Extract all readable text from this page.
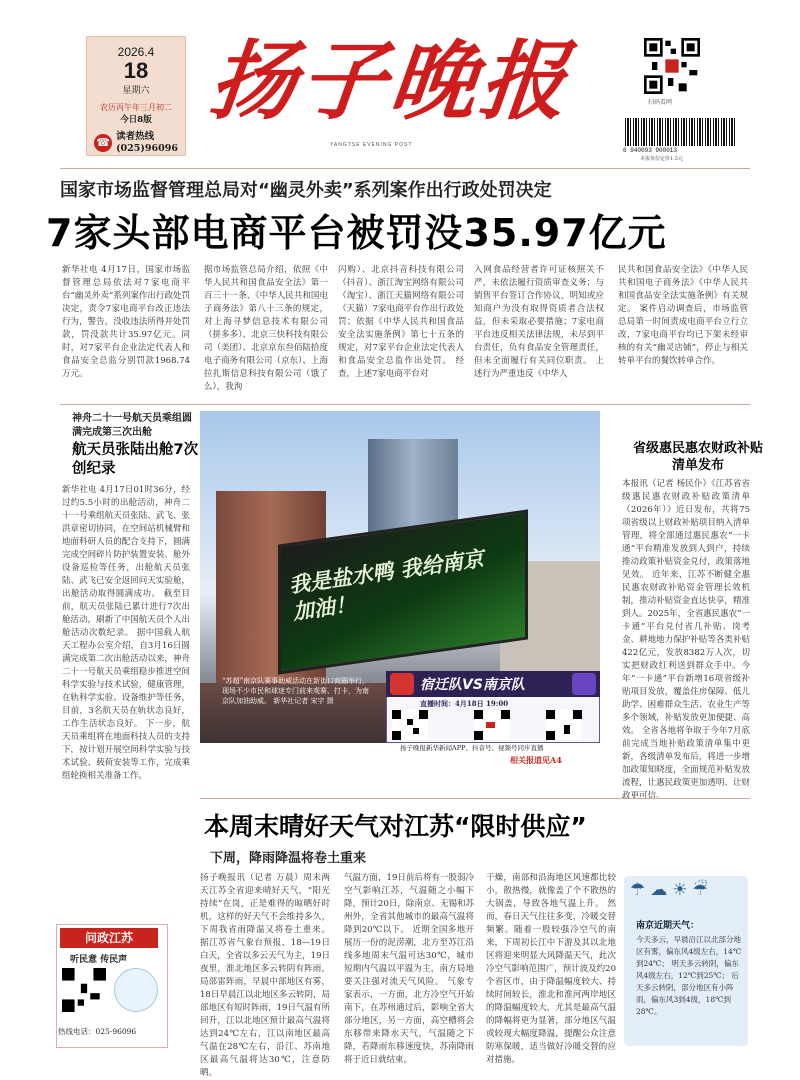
2026.4
18
星期六
农历丙午年三月初二
今日8版
☎ 读者热线
(025)96096
扬子晚报
YANGTSE EVENING POST
扫码看网
6 940093 900013
本报每份定价1.5元
国家市场监督管理总局对“幽灵外卖”系列案作出行政处罚决定
7家头部电商平台被罚没35.97亿元
新华社电 4月17日，国家市场监督管理总局依法对7家电商平台“幽灵外卖”系列案作出行政处罚决定，责令7家电商平台改正违法行为，警告，没收违法所得并处罚款，罚没款共计35.97亿元。同时，对7家平台企业法定代表人和食品安全总监分别罚款1968.74万元。
据市场监管总局介绍，依照《中华人民共和国食品安全法》第一百三十一条、《中华人民共和国电子商务法》第八十三条的规定，对上海寻梦信息技术有限公司（拼多多）、北京三快科技有限公司（美团）、北京京东叁佰陆拾度电子商务有限公司（京东）、上海拉扎斯信息科技有限公司（饿了么），我洵
闪购）、北京抖音科技有限公司（抖音）、浙江淘宝网络有限公司（淘宝）、浙江天猫网络有限公司（天猫）7家电商平台作出行政处罚；依据《中华人民共和国食品安全法实施条例》第七十五条的规定，对7家平台企业法定代表人和食品安全总监作出处罚。 经查，上述7家电商平台对
入网食品经营者许可证核照关不严，未依法履行资质审查义务；与销售平台签订合作协议，明知或应知商户为没有取得资质者合法权益，但未采取必要措施；7家电商平台违反相关法律法规，未尽到平台责任，负有食品安全管理责任，但未全面履行有关同位职责。 上述行为严重违反《中华人
民共和国食品安全法》《中华人民共和国电子商务法》《中华人民共和国食品安全法实施条例》有关规定。 案件启动调查后，市场监管总局第一时间责成电商平台立行立改，7家电商平台均已下架未经审核的有关“幽灵店铺”，停止与相关转单平台的餐饮转单合作。
神舟二十一号航天员乘组圆满完成第三次出舱
航天员张陆出舱7次创纪录
新华社电 4月17日01时36分，经过约5.5小时的出舱活动，神舟二十一号乘组航天员张陆、武飞、张洪章密切协同，在空间站机械臂和地面科研人员的配合支持下，圆满完成空间碎片防护装置安装、舱外设备巡检等任务，出舱航天员张陆、武飞已安全返回问天实验舱，出舱活动取得圆满成功。 截至目前，航天员张陆已累计进行7次出舱活动，刷新了中国航天员个人出舱活动次数纪录。 据中国载人航天工程办公室介绍，自3月16日圆满完成第二次出舱活动以来，神舟二十一号航天员乘组稳步推进空间科学实验与技术试验，健康管理，在轨科学实验、设备维护等任务，目前，3名航天员在轨状态良好，工作生活状态良好。 下一步，航天员乘组将在地面科技人员的支持下，按计划开展空间科学实验与技术试验、载荷安装等工作，完成乘组轮换相关准备工作。
我是盐水鸭 我给南京加油！
“苏超”南京队赛事助威活动在新街口商圈举行，现场不少市民和球迷专门前来观赛、打卡，为南京队加油助威。 新华社记者 宋宇 摄
宿迁队VS南京队
直播时间：4月18日 19:00
扬子晚报新华新闻APP、抖音号、视频号同步直播
相关报道见A4
省级惠民惠农财政补贴清单发布
本报讯（记者 杨民仆）《江苏省省级惠民惠农财政补贴政策清单（2026年）》近日发布，共将75项省级以上财政补贴项目纳入清单管理，将全部通过惠民惠农“一卡通”平台精准发放到人到户，持续推动政策补贴资金兑付，政策落地见效。 近年来，江苏不断健全惠民惠农财政补贴资金管理长效机制，推动补贴资金直达快享，精准到人。2025年，全省惠民惠农“一卡通”平台兑付省几补贴、岗考金、耕地地力保护补贴等各类补贴422亿元，发放8382万人次，切实把财政红利送到群众手中。今年“一卡通”平台新增16项省级补贴项目发放，覆盖住房保障、低儿助学、困难群众生活、农业生产等多个领域，补贴发放更加便捷、高效。 全省各地将争取于今年7月底前完成当地补贴政策清单集中更新，各级清单发布后，将进一步增加政策知晓度，全面规范补贴发放流程，让惠民政策更加透明、让财政更可信。
本周末晴好天气对江苏“限时供应”
下周，降雨降温将卷土重来
扬子晚报讯（记者 万晨）周末两天江苏全省迎来晴好天气，“阳光持续”在岗，正是难得的晾晒好时机，这样的好天气不会维持多久，下周我省雨降温又将卷土重来。 据江苏省气象台预报，18—19日白天，全省以多云天气为主，19日夜里，淮北地区多云转阴有阵雨，局部雷阵雨，早晨中部地区有雾，18日早晨江以北地区多云转阴，局部地区有短时阵雨，19日气温有所回升，江以北地区预计最高气温将达到24℃左右，江以南地区最高气温在28℃左右，沿江、苏南地区最高气温将达30℃，注意防晒。
气温方面，19日前后将有一股弱冷空气影响江苏，气温随之小幅下降，预计20日，除南京、无锡和苏州外，全省其他城市的最高气温将降到20℃以下。 近期全国多地开展历一份的泥涝潮，北方至苏江沿线多地周末气温可达30℃，城市短期内气温以平温为主，南方局地要关注强对流天气风险。 气象专家表示，一方面，北方冷空气开始南下，在苏州通过后，影响全省大部分地区，另一方面，高空槽将会东移带来降水天气，气温随之下降，若降雨东移速度快，苏南降雨将于近日就结束。
干燥，南部和沿海地区风速都比较小，散热慢，就像盖了个不散热的大锅盖，导致各地气温上升。 然而，春日天气往往多变，冷暖交替频繁。随着一股较强冷空气的南来，下周初长江中下游及其以北地区将迎来明显大风降温天气，此次冷空气影响范围广，预计波及约20个省区市，由于降温幅度较大、持续时间较长，淮北和淮河两岸地区的降温幅度较大，尤其是最高气温的降幅将更为显著，部分地区气温或较现大幅度降温，提醒公众注意防寒保暖，适当做好冷暖交替的应对措施。
☂☁☀☔
南京近期天气：
今天多云，早晨沿江以北部分地区有雾，偏东风4级左右，14℃到24℃； 明天多云转阴，偏东风4级左右，12℃到25℃； 后天多云转阴，部分地区有小阵雨，偏东风3到4级，18℃到28℃。
问政江苏
听民意 传民声
热线电话：025-96096
